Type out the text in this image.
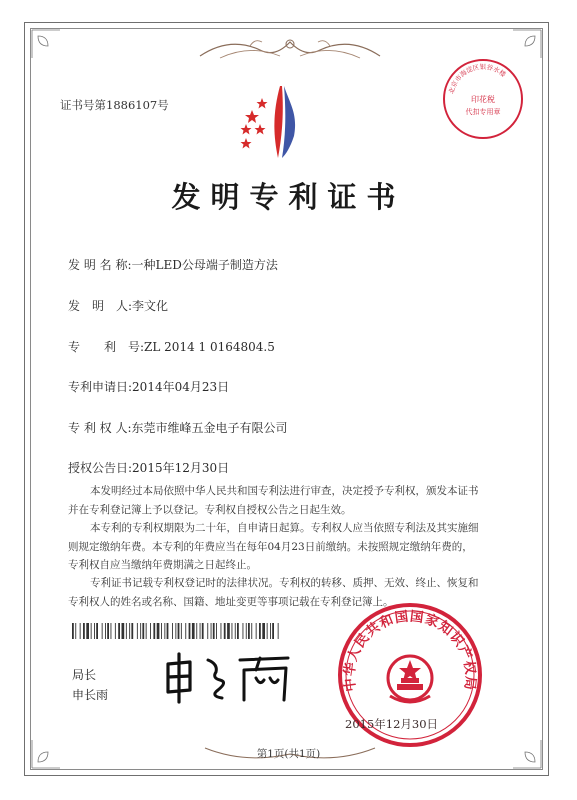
证书号第1886107号
北京市海淀区银谷水楼
印花税
代扣专用章
发明专利证书
发 明 名 称:一种LED公母端子制造方法
发　明　人:李文化
专　　利　号:ZL 2014 1 0164804.5
专利申请日:2014年04月23日
专 利 权 人:东莞市维峰五金电子有限公司
授权公告日:2015年12月30日
本发明经过本局依照中华人民共和国专利法进行审查，决定授予专利权，颁发本证书
并在专利登记簿上予以登记。专利权自授权公告之日起生效。
本专利的专利权期限为二十年，自申请日起算。专利权人应当依照专利法及其实施细
则规定缴纳年费。本专利的年费应当在每年04月23日前缴纳。未按照规定缴纳年费的，
专利权自应当缴纳年费期满之日起终止。
专利证书记载专利权登记时的法律状况。专利权的转移、质押、无效、终止、恢复和
专利权人的姓名或名称、国籍、地址变更等事项记载在专利登记簿上。
局长
申长雨
中华人民共和国国家知识产权局
2015年12月30日
第1页(共1页)
